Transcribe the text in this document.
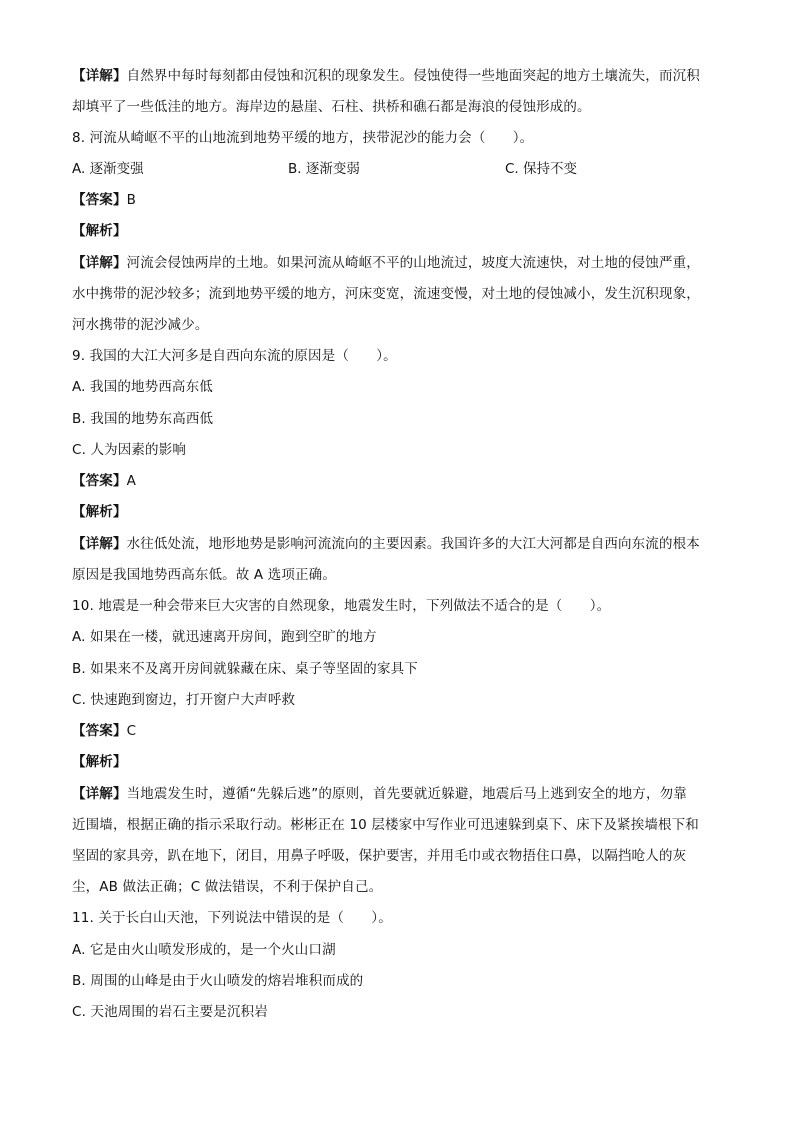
【详解】自然界中每时每刻都由侵蚀和沉积的现象发生。侵蚀使得一些地面突起的地方土壤流失，而沉积
却填平了一些低洼的地方。海岸边的悬崖、石柱、拱桥和礁石都是海浪的侵蚀形成的。
8. 河流从崎岖不平的山地流到地势平缓的地方，挟带泥沙的能力会（　　）。
A. 逐渐变强	B. 逐渐变弱	C. 保持不变
【答案】B
【解析】
【详解】河流会侵蚀两岸的土地。如果河流从崎岖不平的山地流过，坡度大流速快，对土地的侵蚀严重，
水中携带的泥沙较多；流到地势平缓的地方，河床变宽，流速变慢，对土地的侵蚀减小，发生沉积现象，
河水携带的泥沙减少。
9. 我国的大江大河多是自西向东流的原因是（　　）。
A. 我国的地势西高东低
B. 我国的地势东高西低
C. 人为因素的影响
【答案】A
【解析】
【详解】水往低处流，地形地势是影响河流流向的主要因素。我国许多的大江大河都是自西向东流的根本
原因是我国地势西高东低。故 A 选项正确。
10. 地震是一种会带来巨大灾害的自然现象，地震发生时，下列做法不适合的是（　　）。
A. 如果在一楼，就迅速离开房间，跑到空旷的地方
B. 如果来不及离开房间就躲藏在床、桌子等坚固的家具下
C. 快速跑到窗边，打开窗户大声呼救
【答案】C
【解析】
【详解】当地震发生时，遵循“先躲后逃”的原则，首先要就近躲避，地震后马上逃到安全的地方，勿靠
近围墙，根据正确的指示采取行动。彬彬正在 10 层楼家中写作业可迅速躲到桌下、床下及紧挨墙根下和
坚固的家具旁，趴在地下，闭目，用鼻子呼吸，保护要害，并用毛巾或衣物捂住口鼻，以隔挡呛人的灰
尘，AB 做法正确；C 做法错误，不利于保护自己。
11. 关于长白山天池，下列说法中错误的是（　　）。
A. 它是由火山喷发形成的，是一个火山口湖
B. 周围的山峰是由于火山喷发的熔岩堆积而成的
C. 天池周围的岩石主要是沉积岩
